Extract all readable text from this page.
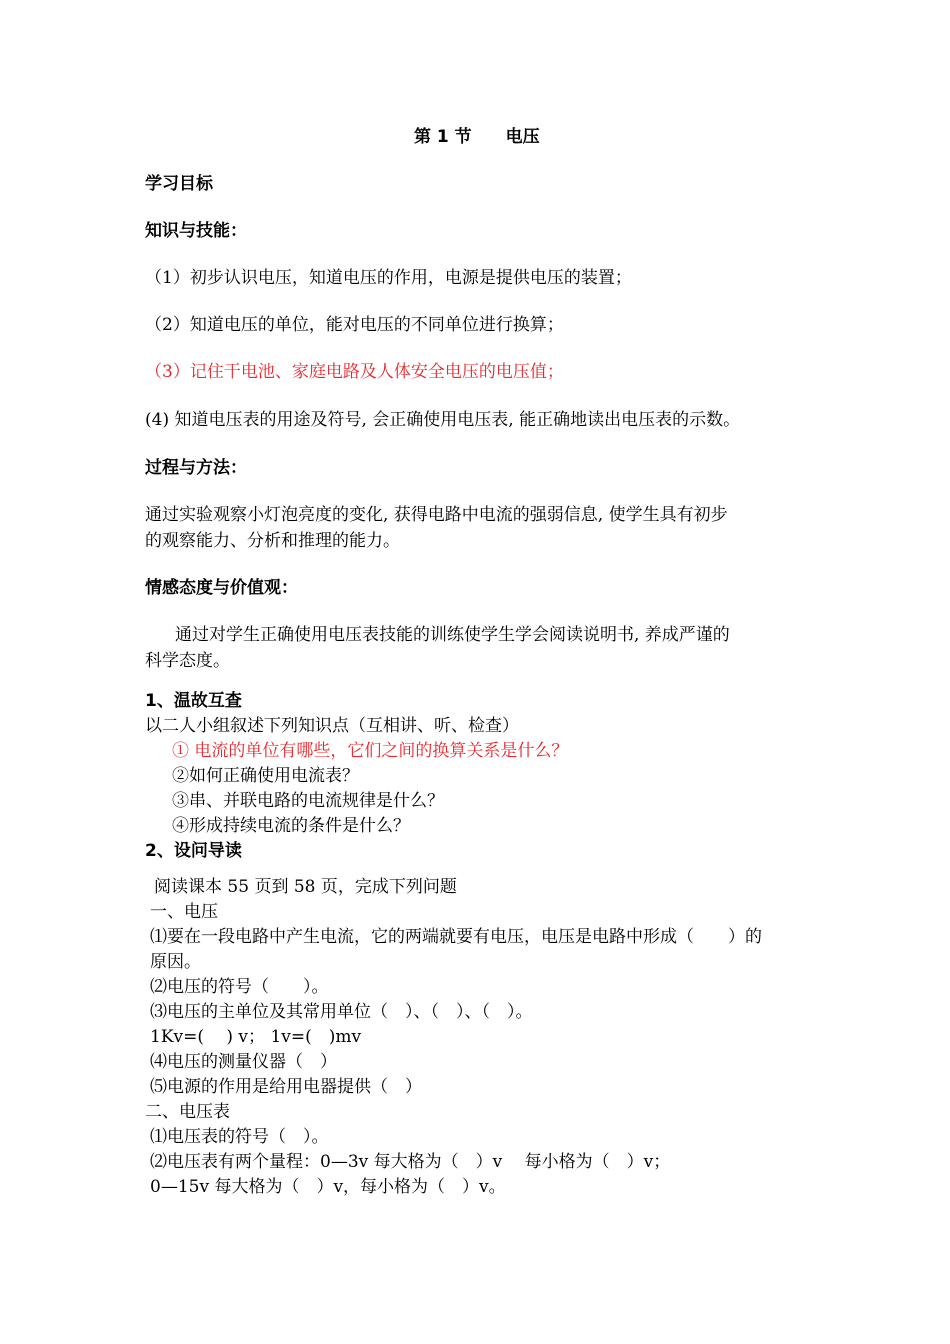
第 1 节　　电压
学习目标
知识与技能：
（1）初步认识电压，知道电压的作用，电源是提供电压的装置；
（2）知道电压的单位，能对电压的不同单位进行换算；
（3）记住干电池、家庭电路及人体安全电压的电压值；
(4) 知道电压表的用途及符号, 会正确使用电压表, 能正确地读出电压表的示数。
过程与方法：
通过实验观察小灯泡亮度的变化, 获得电路中电流的强弱信息, 使学生具有初步
的观察能力、分析和推理的能力。
情感态度与价值观：
通过对学生正确使用电压表技能的训练使学生学会阅读说明书, 养成严谨的
科学态度。
1、温故互查
以二人小组叙述下列知识点（互相讲、听、检查）
① 电流的单位有哪些，它们之间的换算关系是什么？
②如何正确使用电流表？
③串、并联电路的电流规律是什么？
④形成持续电流的条件是什么？
2、设问导读
阅读课本 55 页到 58 页，完成下列问题
一、电压
⑴要在一段电路中产生电流，它的两端就要有电压，电压是电路中形成（　　）的
原因。
⑵电压的符号（　　）。
⑶电压的主单位及其常用单位（　）、（　）、（　）。
1Kv=(　 ) v； 1v=(　)mv
⑷电压的测量仪器（　）
⑸电源的作用是给用电器提供（　）
二、电压表
⑴电压表的符号（　）。
⑵电压表有两个量程：0—3v 每大格为（　）v　 每小格为（　）v；
0—15v 每大格为（　）v，每小格为（　）v。
